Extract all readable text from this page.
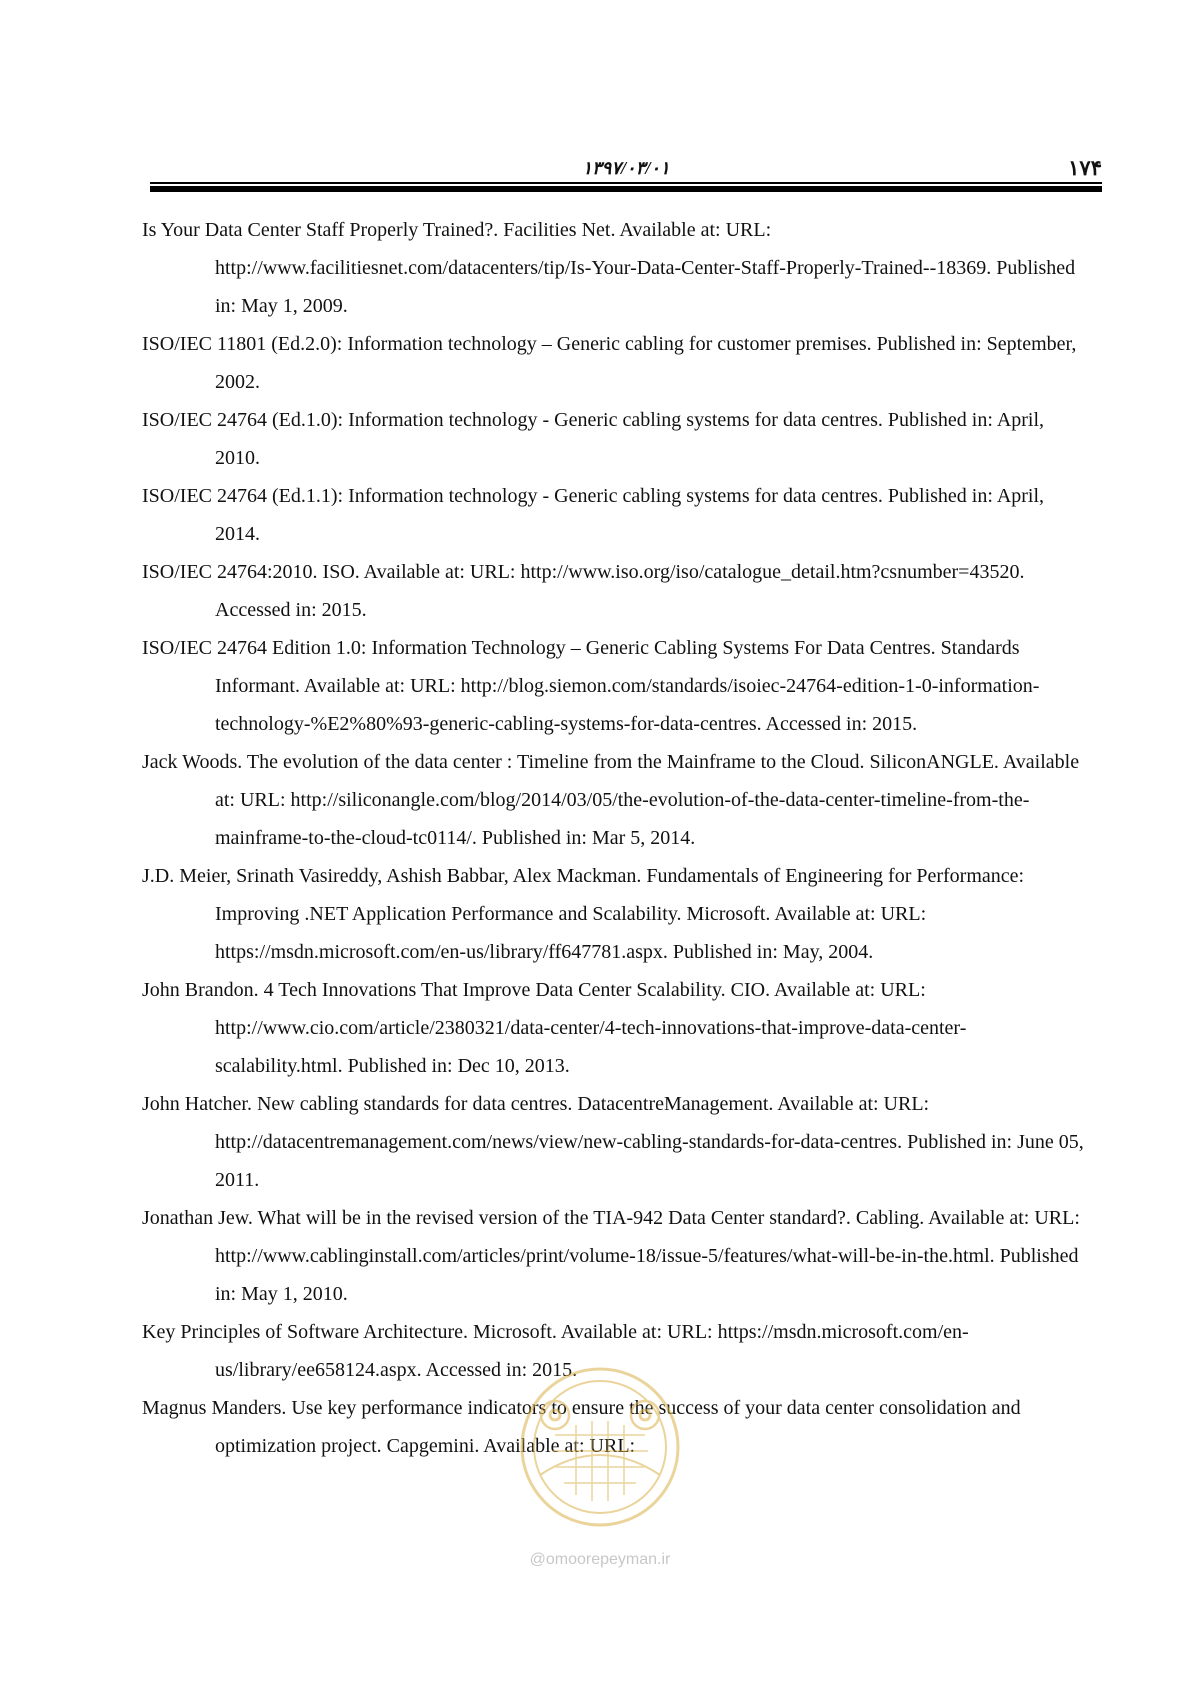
۱۳۹۷/۰۳/۰۱	۱۷۴
Is Your Data Center Staff Properly Trained?. Facilities Net. Available at: URL: http://www.facilitiesnet.com/datacenters/tip/Is-Your-Data-Center-Staff-Properly-Trained--18369. Published in: May 1, 2009.
ISO/IEC 11801 (Ed.2.0): Information technology – Generic cabling for customer premises. Published in: September, 2002.
ISO/IEC 24764 (Ed.1.0): Information technology - Generic cabling systems for data centres. Published in: April, 2010.
ISO/IEC 24764 (Ed.1.1): Information technology - Generic cabling systems for data centres. Published in: April, 2014.
ISO/IEC 24764:2010. ISO. Available at: URL: http://www.iso.org/iso/catalogue_detail.htm?csnumber=43520. Accessed in: 2015.
ISO/IEC 24764 Edition 1.0: Information Technology – Generic Cabling Systems For Data Centres. Standards Informant. Available at: URL: http://blog.siemon.com/standards/isoiec-24764-edition-1-0-information-technology-%E2%80%93-generic-cabling-systems-for-data-centres. Accessed in: 2015.
Jack Woods. The evolution of the data center : Timeline from the Mainframe to the Cloud. SiliconANGLE. Available at: URL: http://siliconangle.com/blog/2014/03/05/the-evolution-of-the-data-center-timeline-from-the-mainframe-to-the-cloud-tc0114/. Published in: Mar 5, 2014.
J.D. Meier, Srinath Vasireddy, Ashish Babbar, Alex Mackman. Fundamentals of Engineering for Performance: Improving .NET Application Performance and Scalability. Microsoft. Available at: URL: https://msdn.microsoft.com/en-us/library/ff647781.aspx. Published in: May, 2004.
John Brandon. 4 Tech Innovations That Improve Data Center Scalability. CIO. Available at: URL: http://www.cio.com/article/2380321/data-center/4-tech-innovations-that-improve-data-center-scalability.html. Published in: Dec 10, 2013.
John Hatcher. New cabling standards for data centres. DatacentreManagement. Available at: URL: http://datacentremanagement.com/news/view/new-cabling-standards-for-data-centres. Published in: June 05, 2011.
Jonathan Jew. What will be in the revised version of the TIA-942 Data Center standard?. Cabling. Available at: URL: http://www.cablinginstall.com/articles/print/volume-18/issue-5/features/what-will-be-in-the.html. Published in: May 1, 2010.
Key Principles of Software Architecture. Microsoft. Available at: URL: https://msdn.microsoft.com/en-us/library/ee658124.aspx. Accessed in: 2015.
Magnus Manders. Use key performance indicators to ensure the success of your data center consolidation and optimization project. Capgemini. Available at: URL:
@omoorepeyman.ir
